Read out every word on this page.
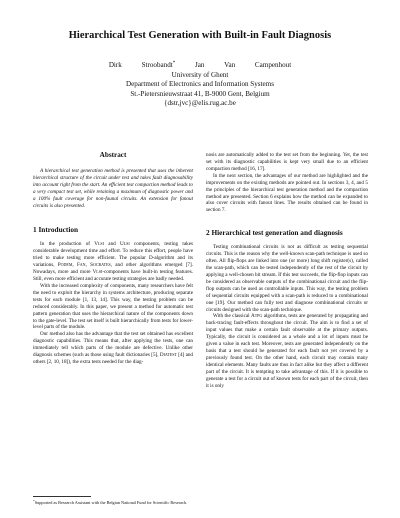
Hierarchical Test Generation with Built-in Fault Diagnosis
Dirk Stroobandt*	Jan Van Campenhout
University of Ghent
Department of Electronics and Information Systems
St.-Pietersnieuwstraat 41, B-9000 Gent, Belgium
{dstr,jvc}@elis.rug.ac.be
Abstract

A hierarchical test generation method is presented that uses the inherent hierarchical structure of the circuit under test and takes fault diagnosability into account right from the start. An efficient test compaction method leads to a very compact test set, while retaining a maximum of diagnostic power and a 100% fault coverage for non-faunal circuits. An extension for fanout circuits is also presented.

1 Introduction

In the production of Vlsi and Ulsi components, testing takes considerable development time and effort. To reduce this effort, people have tried to make testing more efficient. The popular D-algorithm and its variations, Podem, Fan, Socrates, and other algorithms emerged [7]. Nowadays, more and more Vlsi-components have built-in testing features. Still, even more efficient and accurate testing strategies are badly needed.

With the increased complexity of components, many researchers have felt the need to exploit the hierarchy in systems architecture, producing separate tests for each module [1, 13, 14]. This way, the testing problem can be reduced considerably. In this paper, we present a method for automatic test pattern generation that uses the hierarchical nature of the components down to the gate-level. The test set itself is built hierarchically from tests for lower-level parts of the module.

Our method also has the advantage that the test set obtained has excellent diagnostic capabilities. This means that, after applying the tests, one can immediately tell which parts of the module are defective. Unlike other diagnosis schemes (such as those using fault dictionaries [5], Diatest [4] and others [2, 10, 18]), the extra tests needed for the diag-

nosis are automatically added to the test set from the beginning. Yet, the test set with its diagnostic capabilities is kept very small due to an efficient compaction method [16, 17].

In the next section, the advantages of our method are highlighted and the improvements on the existing methods are pointed out. In sections 3, 4, and 5 the principles of the hierarchical test generation method and the compaction method are presented. Section 6 explains how the method can be expanded to also cover circuits with fanout lines. The results obtained can be found in section 7.

2 Hierarchical test generation and diagnosis

Testing combinational circuits is not as difficult as testing sequential circuits. This is the reason why the well-known scan-path technique is used so often. All flip-flops are linked into one (or more) long shift register(s), called the scan-path, which can be tested independently of the rest of the circuit by applying a well-chosen bit stream. If this test succeeds, the flip-flop inputs can be considered as observable outputs of the combinational circuit and the flip-flop outputs can be used as controllable inputs. This way, the testing problem of sequential circuits equipped with a scan-path is reduced to a combinational one [19]. Our method can fully test and diagnose combinational circuits or circuits designed with the scan-path technique.

With the classical Atpg algorithms, tests are generated by propagating and back-tracing fault-effects throughout the circuit. The aim is to find a set of input values that make a certain fault observable at the primary outputs. Typically, the circuit is considered as a whole and a lot of inputs must be given a value in each test. Moreover, tests are generated independently on the basis that a test should be generated for each fault not yet covered by a previously found test. On the other hand, each circuit may contain many identical elements. Many faults are thus in fact alike but they affect a different part of the circuit. It is tempting to take advantage of this. If it is possible to generate a test for a circuit out of known tests for each part of the circuit, then it is only

*Supported as Research Assistant with the Belgian National Fund for Scientific Research.
